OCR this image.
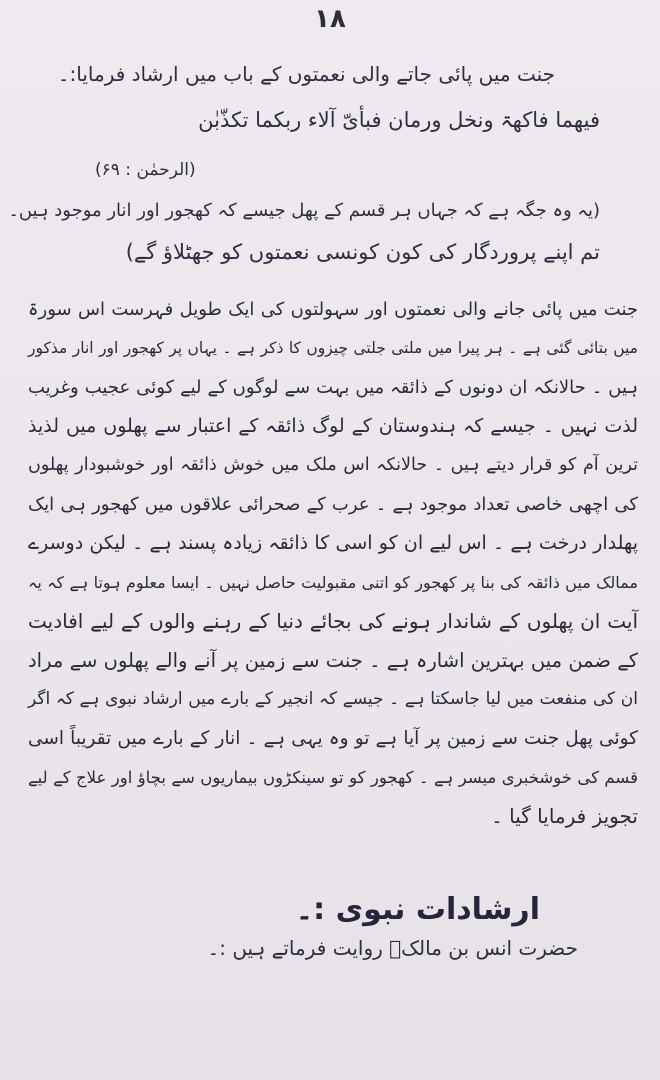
۱۸
جنت میں پائی جاتے والی نعمتوں کے باب میں ارشاد فرمایا:۔
فیھما فاکھۃ ونخل ورمان فبأیّ آلاء ربکما تکذّبٰن
(الرحمٰن : ۶۹)
(یہ وہ جگہ ہے کہ جہاں ہر قسم کے پھل جیسے کہ کھجور اور انار موجود ہیں۔
تم اپنے پروردگار کی کون کونسی نعمتوں کو جھٹلاؤ گے)
جنت میں پائی جانے والی نعمتوں اور سہولتوں کی ایک طویل فہرست اس سورۃ
میں بتائی گئی ہے ۔ ہر پیرا میں ملتی جلتی چیزوں کا ذکر ہے ۔ یہاں پر کھجور اور انار مذکور
ہیں ۔ حالانکہ ان دونوں کے ذائقہ میں بہت سے لوگوں کے لیے کوئی عجیب وغریب
لذت نہیں ۔ جیسے کہ ہندوستان کے لوگ ذائقہ کے اعتبار سے پھلوں میں لذیذ
ترین آم کو قرار دیتے ہیں ۔ حالانکہ اس ملک میں خوش ذائقہ اور خوشبودار پھلوں
کی اچھی خاصی تعداد موجود ہے ۔ عرب کے صحرائی علاقوں میں کھجور ہی ایک
پھلدار درخت ہے ۔ اس لیے ان کو اسی کا ذائقہ زیادہ پسند ہے ۔ لیکن دوسرے
ممالک میں ذائقہ کی بنا پر کھجور کو اتنی مقبولیت حاصل نہیں ۔ ایسا معلوم ہوتا ہے کہ یہ
آیت ان پھلوں کے شاندار ہونے کی بجائے دنیا کے رہنے والوں کے لیے افادیت
کے ضمن میں بہترین اشارہ ہے ۔ جنت سے زمین پر آنے والے پھلوں سے مراد
ان کی منفعت میں لیا جاسکتا ہے ۔ جیسے کہ انجیر کے بارے میں ارشاد نبوی ہے کہ اگر
کوئی پھل جنت سے زمین پر آیا ہے تو وہ یہی ہے ۔ انار کے بارے میں تقریباً اسی
قسم کی خوشخبری میسر ہے ۔ کھجور کو تو سینکڑوں بیماریوں سے بچاؤ اور علاج کے لیے
تجویز فرمایا گیا ۔
ارشادات نبوی :۔
حضرت انس بن مالکؓ روایت فرماتے ہیں :۔
